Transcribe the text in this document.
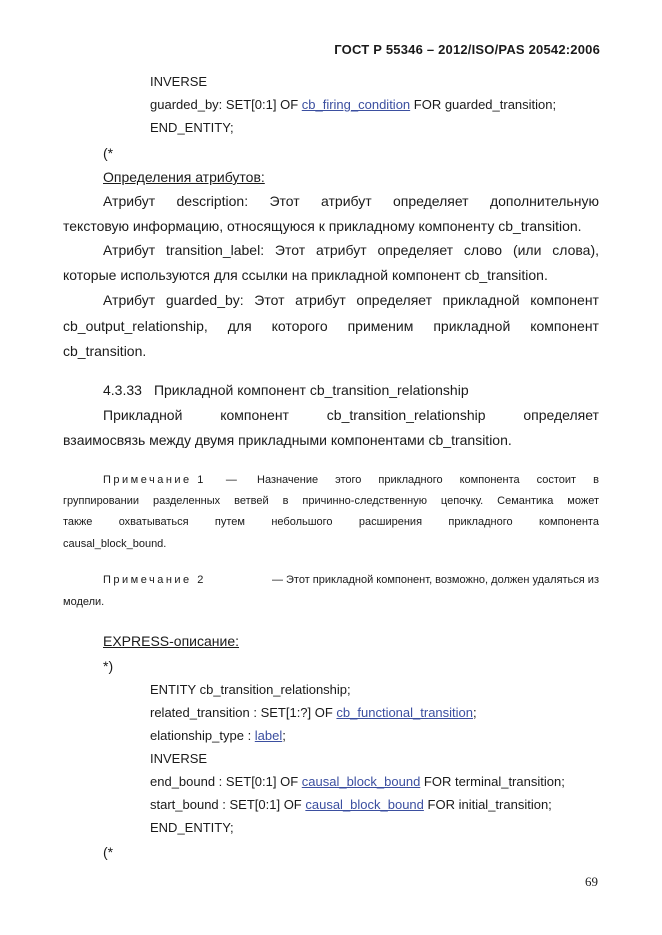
ГОСТ Р 55346 – 2012/ISO/PAS 20542:2006
INVERSE
guarded_by: SET[0:1] OF cb_firing_condition FOR guarded_transition;
END_ENTITY;
(*
Определения атрибутов:
Атрибут description: Этот атрибут определяет дополнительную
текстовую информацию, относящуюся к прикладному компоненту cb_transition.
Атрибут transition_label: Этот атрибут определяет слово (или слова),
которые используются для ссылки на прикладной компонент cb_transition.
Атрибут guarded_by: Этот атрибут определяет прикладной компонент
cb_output_relationship, для которого применим прикладной компонент
cb_transition.
4.3.33 Прикладной компонент cb_transition_relationship
Прикладной	компонент	cb_transition_relationship	определяет
взаимосвязь между двумя прикладными компонентами cb_transition.
Примечание 1 — Назначение этого прикладного компонента состоит в
группировании разделенных ветвей в причинно-следственную цепочку. Семантика может
также охватываться путем небольшого расширения прикладного компонента
causal_block_bound.
Примечание 2	— Этот прикладной компонент, возможно, должен удаляться из
модели.
EXPRESS-описание:
*)
ENTITY cb_transition_relationship;
related_transition : SET[1:?] OF cb_functional_transition;
elationship_type : label;
INVERSE
end_bound : SET[0:1] OF causal_block_bound FOR terminal_transition;
start_bound : SET[0:1] OF causal_block_bound FOR initial_transition;
END_ENTITY;
(*
69
